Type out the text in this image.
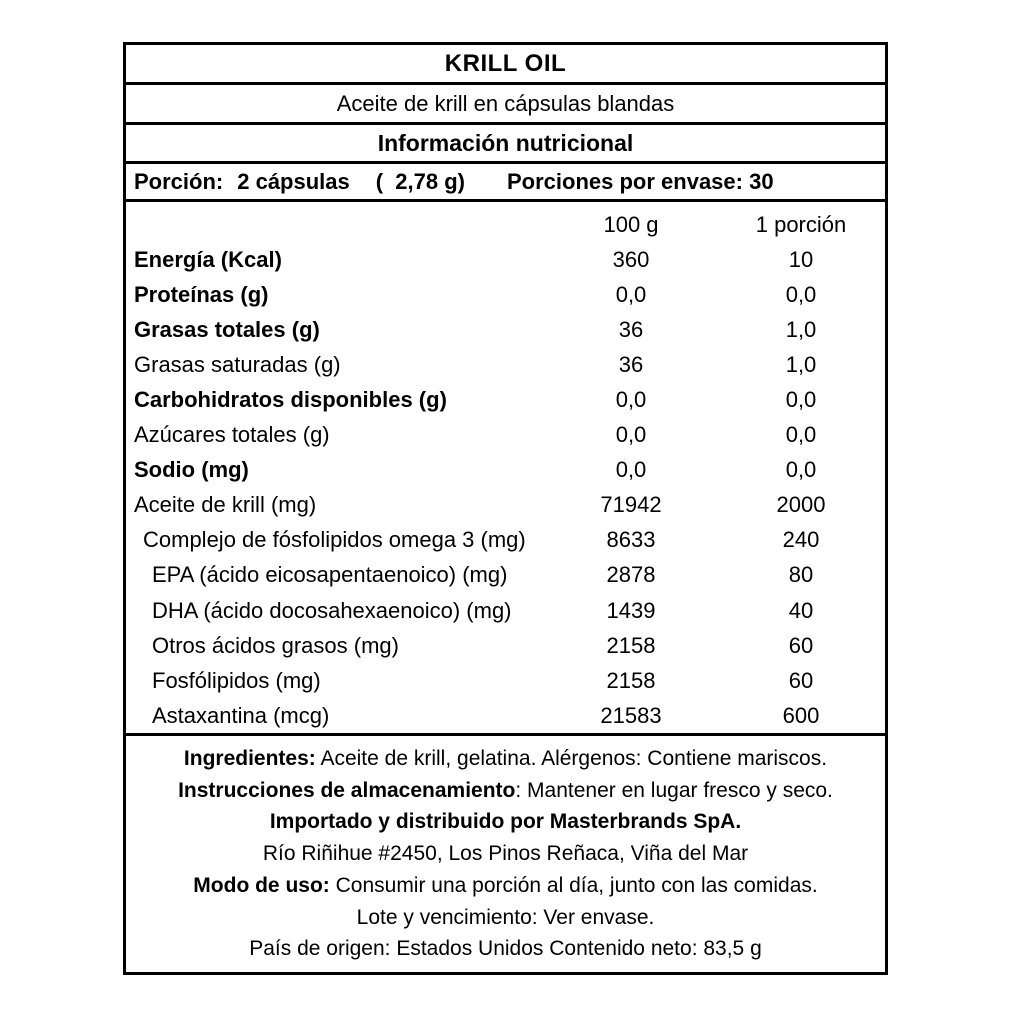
KRILL OIL
Aceite de krill en cápsulas blandas
Información nutricional
Porción: 2 cápsulas (  2,78 g) Porciones por envase: 30
100 g	1 porción
Energía (Kcal)	360	10
Proteínas (g)	0,0	0,0
Grasas totales (g)	36	1,0
Grasas saturadas (g)	36	1,0
Carbohidratos disponibles (g)	0,0	0,0
Azúcares totales (g)	0,0	0,0
Sodio (mg)	0,0	0,0
Aceite de krill (mg)	71942	2000
Complejo de fósfolipidos omega 3 (mg)	8633	240
EPA (ácido eicosapentaenoico) (mg)	2878	80
DHA (ácido docosahexaenoico) (mg)	1439	40
Otros ácidos grasos (mg)	2158	60
Fosfólipidos (mg)	2158	60
Astaxantina (mcg)	21583	600
Ingredientes: Aceite de krill, gelatina. Alérgenos: Contiene mariscos.
Instrucciones de almacenamiento: Mantener en lugar fresco y seco.
Importado y distribuido por Masterbrands SpA.
Río Riñihue #2450, Los Pinos Reñaca, Viña del Mar
Modo de uso: Consumir una porción al día, junto con las comidas.
Lote y vencimiento: Ver envase.
País de origen: Estados Unidos Contenido neto: 83,5 g
